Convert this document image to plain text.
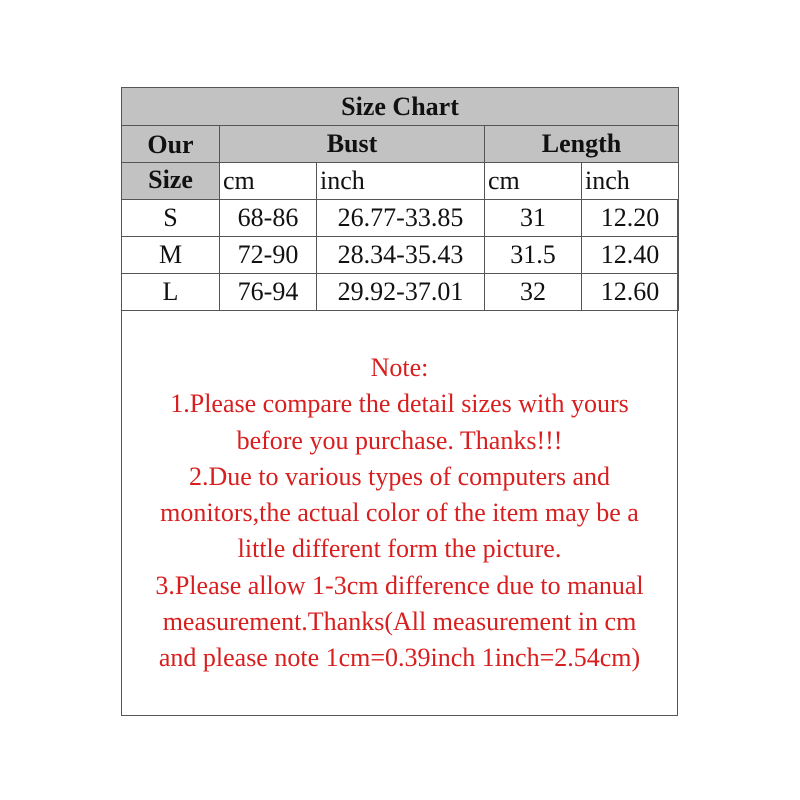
Size Chart				
Our	Bust		Length	
Size	cm	inch	cm	inch
S	68-86	26.77-33.85	31	12.20
M	72-90	28.34-35.43	31.5	12.40
L	76-94	29.92-37.01	32	12.60
Note:
1.Please compare the detail sizes with yours
before you purchase. Thanks!!!
2.Due to various types of computers and
monitors,the actual color of the item may be a
little different form the picture.
3.Please allow 1-3cm difference due to manual
measurement.Thanks(All measurement in cm
and please note 1cm=0.39inch 1inch=2.54cm)
